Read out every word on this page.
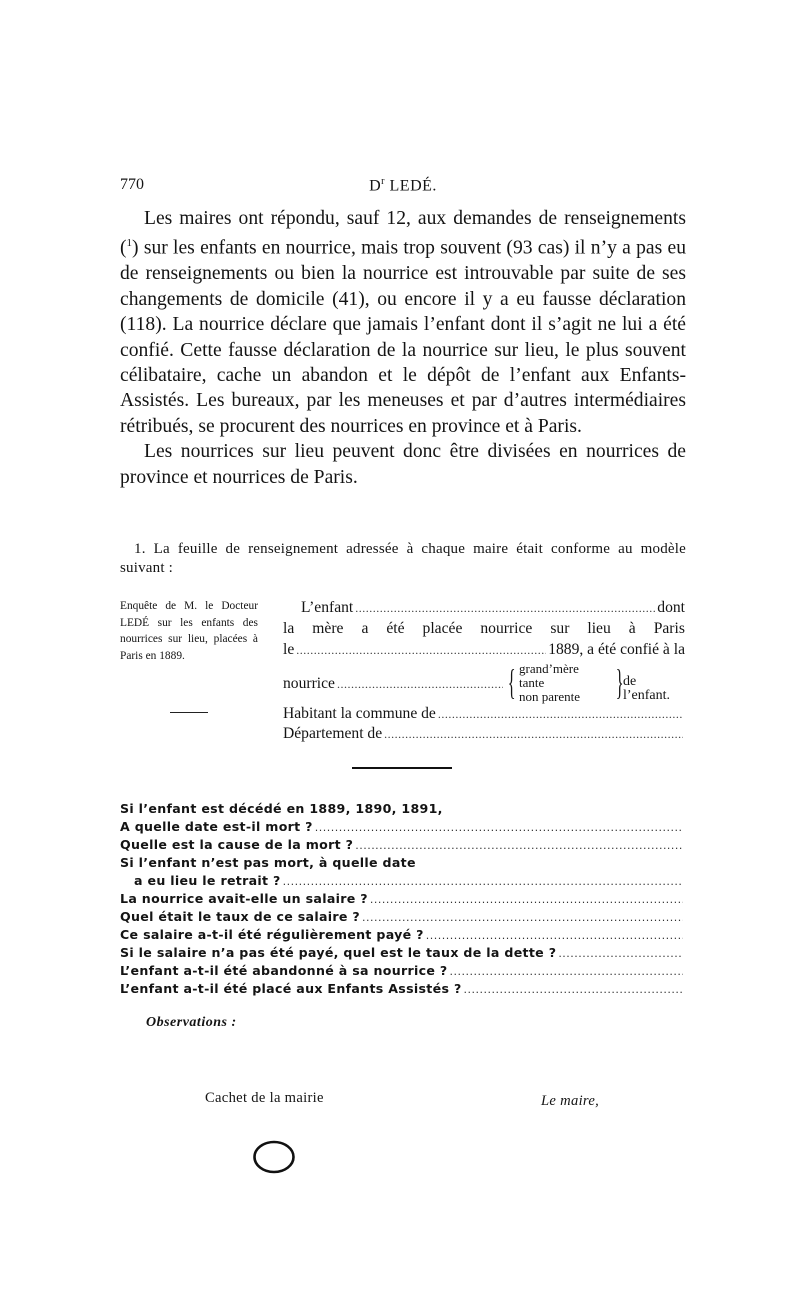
770	$D^r$ LEDÉ.

Les maires ont répondu, sauf 12, aux demandes de renseignements ($^1$) sur les enfants en nourrice, mais trop souvent (93 cas) il n’y a pas eu de renseignements ou bien la nourrice est introuvable par suite de ses changements de domicile (41), ou encore il y a eu fausse déclaration (118). La nourrice déclare que jamais l’enfant dont il s’agit ne lui a été confié. Cette fausse déclaration de la nourrice sur lieu, le plus souvent célibataire, cache un abandon et le dépôt de l’enfant aux Enfants-Assistés. Les bureaux, par les meneuses et par d’autres intermédiaires rétribués, se procurent des nourrices en province et à Paris.

Les nourrices sur lieu peuvent donc être divisées en nourrices de province et nourrices de Paris.

1. La feuille de renseignement adressée à chaque maire était conforme au modèle suivant :

Enquête de M. le Docteur LEDÉ sur les enfants des nourrices sur lieu, placées à Paris en 1889.
L’enfant .....	dont
la mère a été placée nourrice sur lieu à Paris
le .....	1889, a été confié à la
nourrice .....	{ grand’mère
tante
non parente } de l’enfant.
Habitant la commune de
.....
Département de
.....
Si l’enfant est décédé en 1889, 1890, 1891,
A quelle date est-il mort ?
.....
Quelle est la cause de la mort ?
.....
Si l’enfant n’est pas mort, à quelle date
a eu lieu le retrait ?
.....
La nourrice avait-elle un salaire ?
.....
Quel était le taux de ce salaire ?
.....
Ce salaire a-t-il été régulièrement payé ?
.....
Si le salaire n’a pas été payé, quel est le taux de la dette ?
.....
L’enfant a-t-il été abandonné à sa nourrice ?
.....
L’enfant a-t-il été placé aux Enfants Assistés ?
.....
Observations :
Cachet de la mairie	Le maire,
